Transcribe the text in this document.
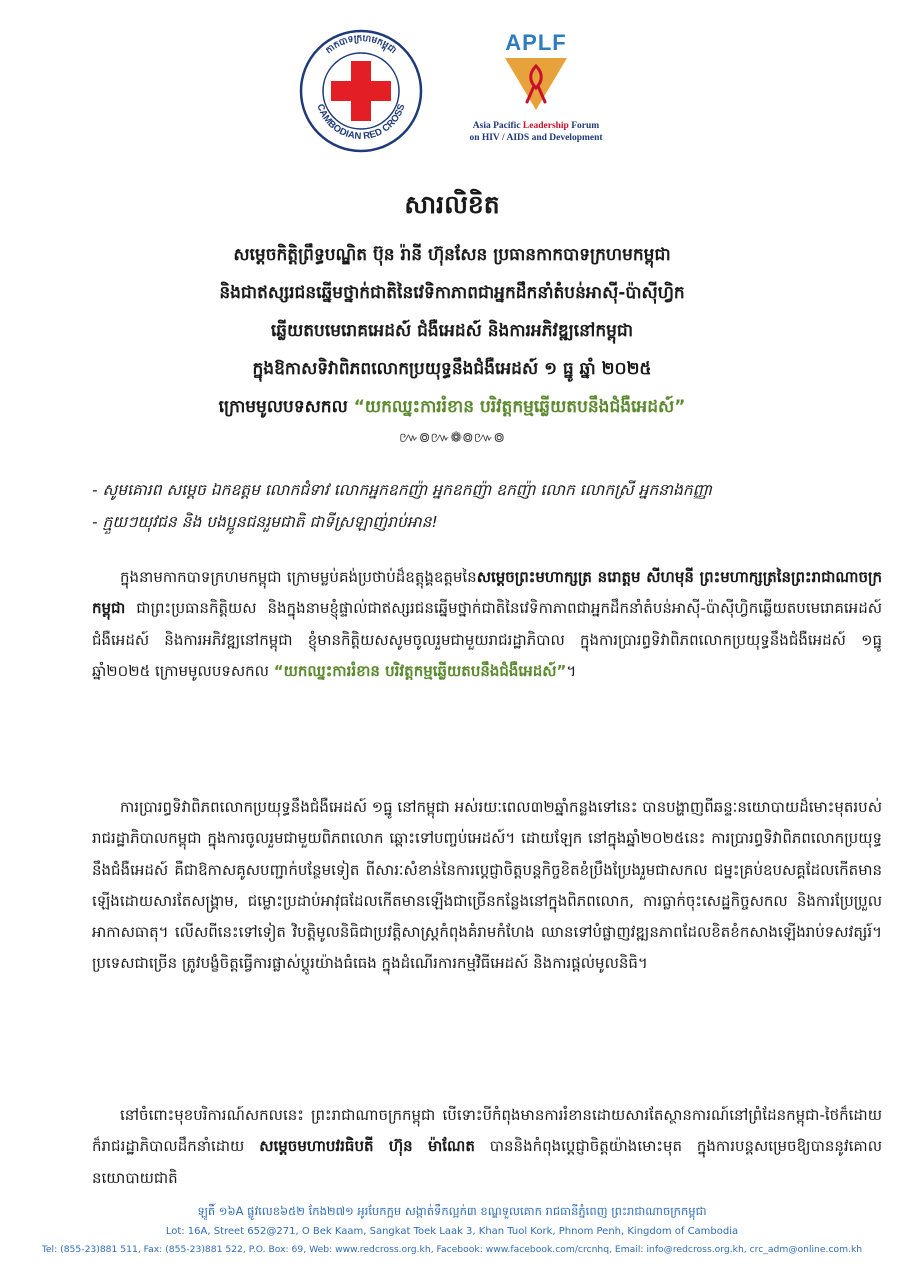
CAMBODIAN RED CROSS
កាកបាទក្រហមកម្ពុជា	APLF
Asia Pacific Leadership Forum
on HIV / AIDS and Development
សារលិខិត
សម្តេចកិត្តិព្រឹទ្ធបណ្ឌិត ប៊ុន រ៉ានី ហ៊ុនសែន ប្រធានកាកបាទក្រហមកម្ពុជា
និងជាឥស្សរជនឆ្នើមថ្នាក់ជាតិនៃវេទិកាភាពជាអ្នកដឹកនាំតំបន់អាស៊ី-ប៉ាស៊ីហ្វិក
ឆ្លើយតបមេរោគអេដស៍ ជំងឺអេដស៍ និងការអភិវឌ្ឍនៅកម្ពុជា
ក្នុងឱកាសទិវាពិភពលោកប្រយុទ្ធនឹងជំងឺអេដស៍ ១ ធ្នូ ឆ្នាំ ២០២៥
ក្រោមមូលបទសកល “យកឈ្នះការរំខាន បរិវត្តកម្មឆ្លើយតបនឹងជំងឺអេដស៍”
៚៙៚❁៙៚៙
- សូមគោរព សម្ដេច ឯកឧត្តម លោកជំទាវ លោកអ្នកឧកញ៉ា អ្នកឧកញ៉ា ឧកញ៉ា លោក លោកស្រី អ្នកនាងកញ្ញា
- ក្មួយៗយុវជន និង បងប្អូនជនរួមជាតិ ជាទីស្រឡាញ់រាប់អាន!
ក្នុងនាមកាកបាទក្រហមកម្ពុជា ក្រោមម្លប់គង់ប្រថាប់ដ៏ឧត្តុង្គឧត្តមនៃសម្ដេចព្រះមហាក្សត្រ នរោត្តម សីហមុនី ព្រះមហាក្សត្រនៃព្រះរាជាណាចក្រកម្ពុជា ជាព្រះប្រធានកិត្តិយស និងក្នុងនាមខ្ញុំផ្ទាល់ជាឥស្សរជនឆ្នើមថ្នាក់ជាតិនៃវេទិកាភាពជាអ្នកដឹកនាំតំបន់អាស៊ី-ប៉ាស៊ីហ្វិកឆ្លើយតបមេរោគអេដស៍ ជំងឺអេដស៍ និងការអភិវឌ្ឍនៅកម្ពុជា ខ្ញុំមានកិត្តិយសសូមចូលរួមជាមួយរាជរដ្ឋាភិបាល ក្នុងការប្រារព្ធទិវាពិភពលោកប្រយុទ្ធនឹងជំងឺអេដស៍ ១ធ្នូ ឆ្នាំ២០២៥ ក្រោមមូលបទសកល “យកឈ្នះការរំខាន បរិវត្តកម្មឆ្លើយតបនឹងជំងឺអេដស៍”។
ការប្រារព្ធទិវាពិភពលោកប្រយុទ្ធនឹងជំងឺអេដស៍ ១ធ្នូ នៅកម្ពុជា អស់រយៈពេល៣២ឆ្នាំកន្លងទៅនេះ បានបង្ហាញពីឆន្ទៈនយោបាយដ៏មោះមុតរបស់រាជរដ្ឋាភិបាលកម្ពុជា ក្នុងការចូលរួមជាមួយពិភពលោក ឆ្ពោះទៅបញ្ចប់អេដស៍។ ដោយឡែក នៅក្នុងឆ្នាំ២០២៥នេះ ការប្រារព្ធទិវាពិភពលោកប្រយុទ្ធនឹងជំងឺអេដស៍ គឺជាឱកាសគូសបញ្ជាក់បន្ថែមទៀត ពីសារៈសំខាន់នៃការប្ដេជ្ញាចិត្តបន្តកិច្ចខិតខំប្រឹងប្រែងរួមជាសកល ជម្នះគ្រប់ឧបសគ្គដែលកើតមានឡើងដោយសារតែសង្គ្រាម, ជម្លោះប្រដាប់អាវុធដែលកើតមានឡើងជាច្រើនកន្លែងនៅក្នុងពិភពលោក, ការធ្លាក់ចុះសេដ្ឋកិច្ចសកល និងការប្រែប្រួលអាកាសធាតុ។ លើសពីនេះទៅទៀត វិបត្តិមូលនិធិជាប្រវត្តិសាស្ត្រកំពុងគំរាមកំហែង ឈានទៅបំផ្លាញវឌ្ឍនភាពដែលខិតខំកសាងឡើងរាប់ទសវត្សរ៍។ ប្រទេសជាច្រើន ត្រូវបង្ខំចិត្តធ្វើការផ្លាស់ប្ដូរយ៉ាងធំធេង ក្នុងដំណើរការកម្មវិធីអេដស៍ និងការផ្ដល់មូលនិធិ។
នៅចំពោះមុខបរិការណ៍សកលនេះ ព្រះរាជាណាចក្រកម្ពុជា បើទោះបីកំពុងមានការរំខានដោយសារតែស្ថានការណ៍នៅព្រំដែនកម្ពុជា-ថៃក៏ដោយ ក៏រាជរដ្ឋាភិបាលដឹកនាំដោយ សម្ដេចមហាបវរធិបតី ហ៊ុន ម៉ាណែត បាននិងកំពុងប្ដេជ្ញាចិត្តយ៉ាងមោះមុត ក្នុងការបន្តសម្រេចឱ្យបាននូវគោលនយោបាយជាតិ
ឡូតិ៍ ១៦A ផ្លូវលេខ៦៥២ កែង២៧១ អូរបែកក្អម សង្កាត់ទឹកល្អក់៣ ខណ្ឌទួលគោក រាជធានីភ្នំពេញ ព្រះរាជាណាចក្រកម្ពុជា
Lot: 16A, Street 652@271, O Bek Kaam, Sangkat Toek Laak 3, Khan Tuol Kork, Phnom Penh, Kingdom of Cambodia
Tel: (855-23)881 511, Fax: (855-23)881 522, P.O. Box: 69, Web: www.redcross.org.kh, Facebook: www.facebook.com/crcnhq, Email: info@redcross.org.kh, crc_adm@online.com.kh
